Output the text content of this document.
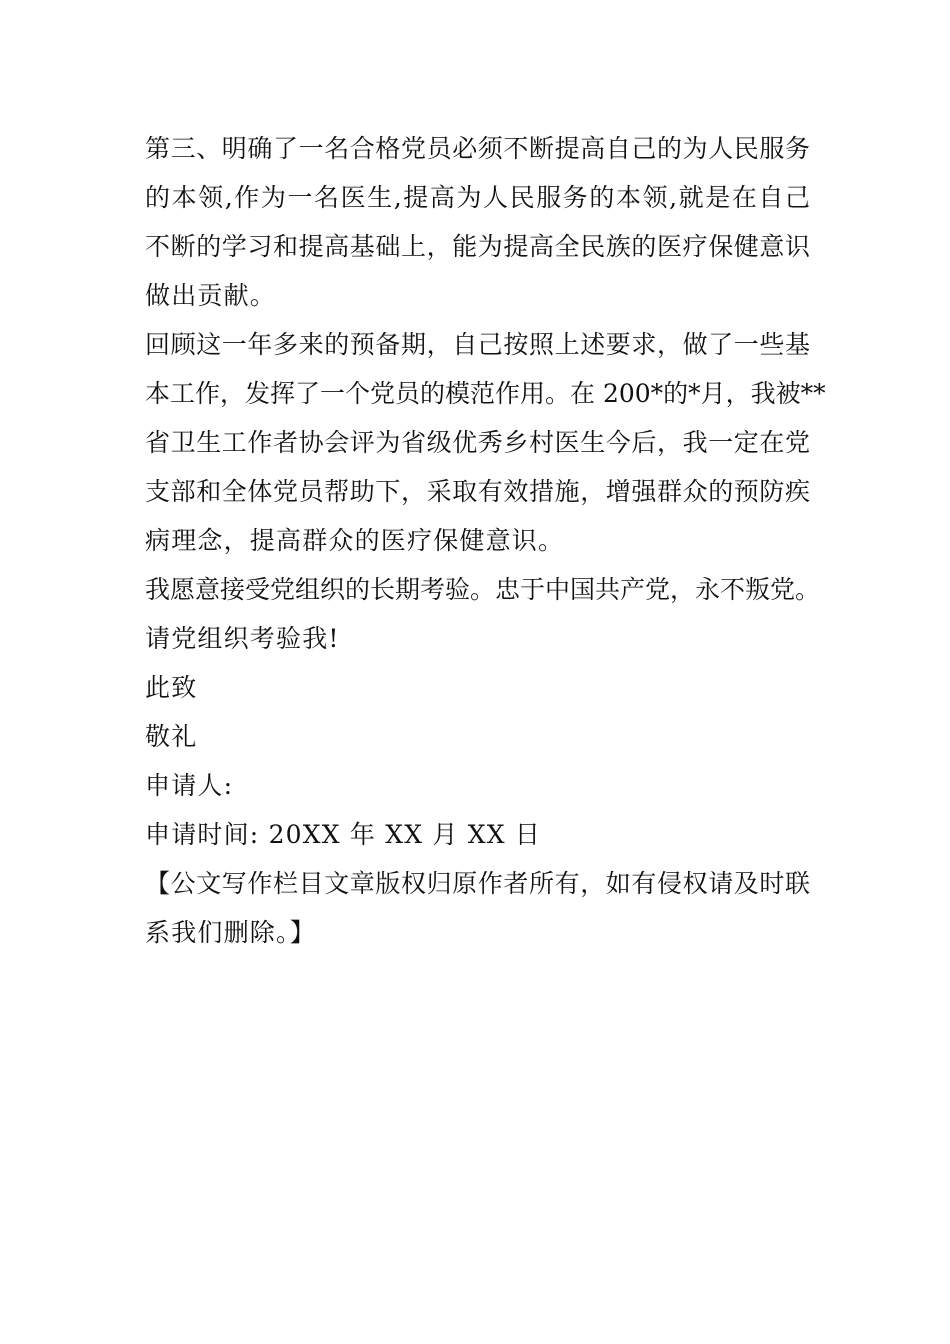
第三、明确了一名合格党员必须不断提高自己的为人民服务
的本领,作为一名医生,提高为人民服务的本领,就是在自己
不断的学习和提高基础上，能为提高全民族的医疗保健意识
做出贡献。
回顾这一年多来的预备期，自己按照上述要求，做了一些基
本工作，发挥了一个党员的模范作用。在 200*的*月，我被**
省卫生工作者协会评为省级优秀乡村医生今后，我一定在党
支部和全体党员帮助下，采取有效措施，增强群众的预防疾
病理念，提高群众的医疗保健意识。
我愿意接受党组织的长期考验。忠于中国共产党，永不叛党。
请党组织考验我!
此致
敬礼
申请人:
申请时间: 20XX 年 XX 月 XX 日
【公文写作栏目文章版权归原作者所有，如有侵权请及时联
系我们删除。】
